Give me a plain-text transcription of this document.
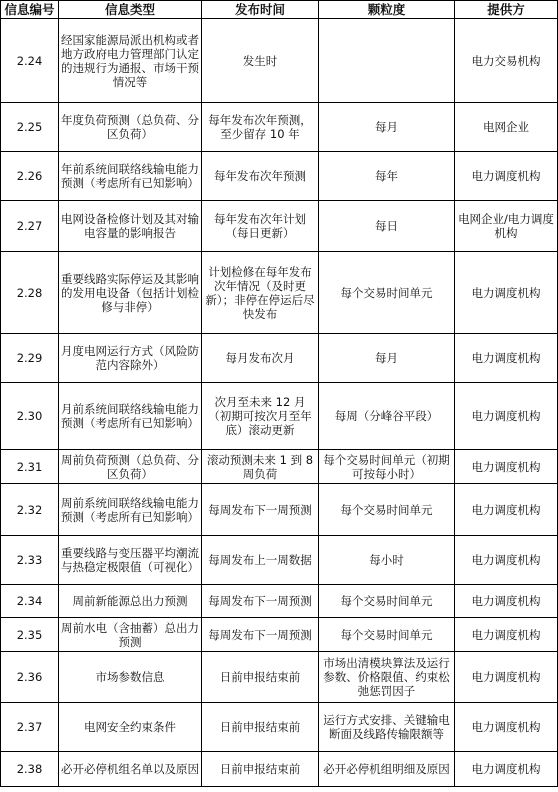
信息编号	信息类型	发布时间	颗粒度	提供方
2.24	经国家能源局派出机构或者地方政府电力管理部门认定的违规行为通报、市场干预情况等	发生时		电力交易机构
2.25	年度负荷预测（总负荷、分区负荷）	每年发布次年预测，至少留存 10 年	每月	电网企业
2.26	年前系统间联络线输电能力预测（考虑所有已知影响）	每年发布次年预测	每年	电力调度机构
2.27	电网设备检修计划及其对输电容量的影响报告	每年发布次年计划（每日更新）	每日	电网企业/电力调度机构
2.28	重要线路实际停运及其影响的发用电设备（包括计划检修与非停）	计划检修在每年发布次年情况（及时更新）；非停在停运后尽快发布	每个交易时间单元	电力调度机构
2.29	月度电网运行方式（风险防范内容除外）	每月发布次月	每月	电力调度机构
2.30	月前系统间联络线输电能力预测（考虑所有已知影响）	次月至未来 12 月（初期可按次月至年底）滚动更新	每周（分峰谷平段）	电力调度机构
2.31	周前负荷预测（总负荷、分区负荷）	滚动预测未来 1 到 8 周负荷	每个交易时间单元（初期可按每小时）	电力调度机构
2.32	周前系统间联络线输电能力预测（考虑所有已知影响）	每周发布下一周预测	每个交易时间单元	电力调度机构
2.33	重要线路与变压器平均潮流与热稳定极限值（可视化）	每周发布上一周数据	每小时	电力调度机构
2.34	周前新能源总出力预测	每周发布下一周预测	每个交易时间单元	电力调度机构
2.35	周前水电（含抽蓄）总出力预测	每周发布下一周预测	每个交易时间单元	电力调度机构
2.36	市场参数信息	日前申报结束前	市场出清模块算法及运行参数、价格限值、约束松弛惩罚因子	电力调度机构
2.37	电网安全约束条件	日前申报结束前	运行方式安排、关键输电断面及线路传输限额等	电力调度机构
2.38	必开必停机组名单以及原因	日前申报结束前	必开必停机组明细及原因	电力调度机构
